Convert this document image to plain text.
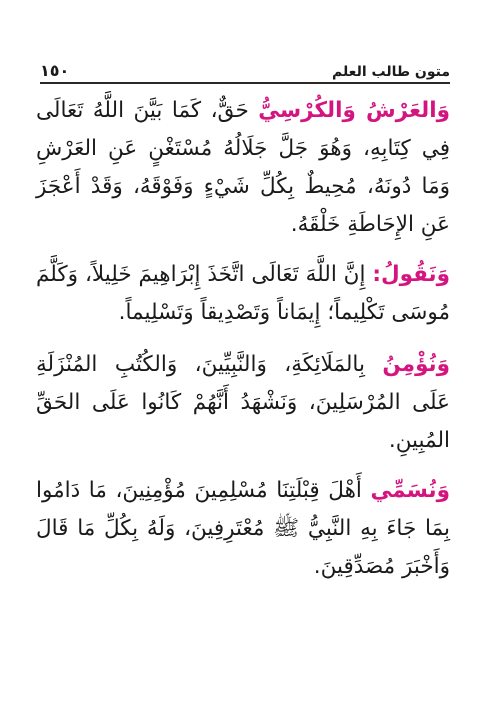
١٥٠	متون طالب العلم

وَالعَرْشُ وَالكُرْسِيُّ حَقٌّ، كَمَا بَيَّنَ اللَّهُ تَعَالَى فِي كِتَابِهِ، وَهُوَ جَلَّ جَلَالُهُ مُسْتَغْنٍ عَنِ العَرْشِ وَمَا دُونَهُ، مُحِيطٌ بِكُلِّ شَيْءٍ وَفَوْقَهُ، وَقَدْ أَعْجَزَ عَنِ الإِحَاطَةِ خَلْقَهُ.

وَنَقُولُ: إِنَّ اللَّهَ تَعَالَى اتَّخَذَ إِبْرَاهِيمَ خَلِيلاً، وَكَلَّمَ مُوسَى تَكْلِيماً؛ إِيمَاناً وَتَصْدِيقاً وَتَسْلِيماً.

وَنُؤْمِنُ بِالمَلَائِكَةِ، وَالنَّبِيِّينَ، وَالكُتُبِ المُنْزَلَةِ عَلَى المُرْسَلِينَ، وَنَشْهَدُ أَنَّهُمْ كَانُوا عَلَى الحَقِّ المُبِينِ.

وَنُسَمِّي أَهْلَ قِبْلَتِنَا مُسْلِمِينَ مُؤْمِنِينَ، مَا دَامُوا بِمَا جَاءَ بِهِ النَّبِيُّ ﷺ مُعْتَرِفِينَ، وَلَهُ بِكُلِّ مَا قَالَ وَأَخْبَرَ مُصَدِّقِينَ.
